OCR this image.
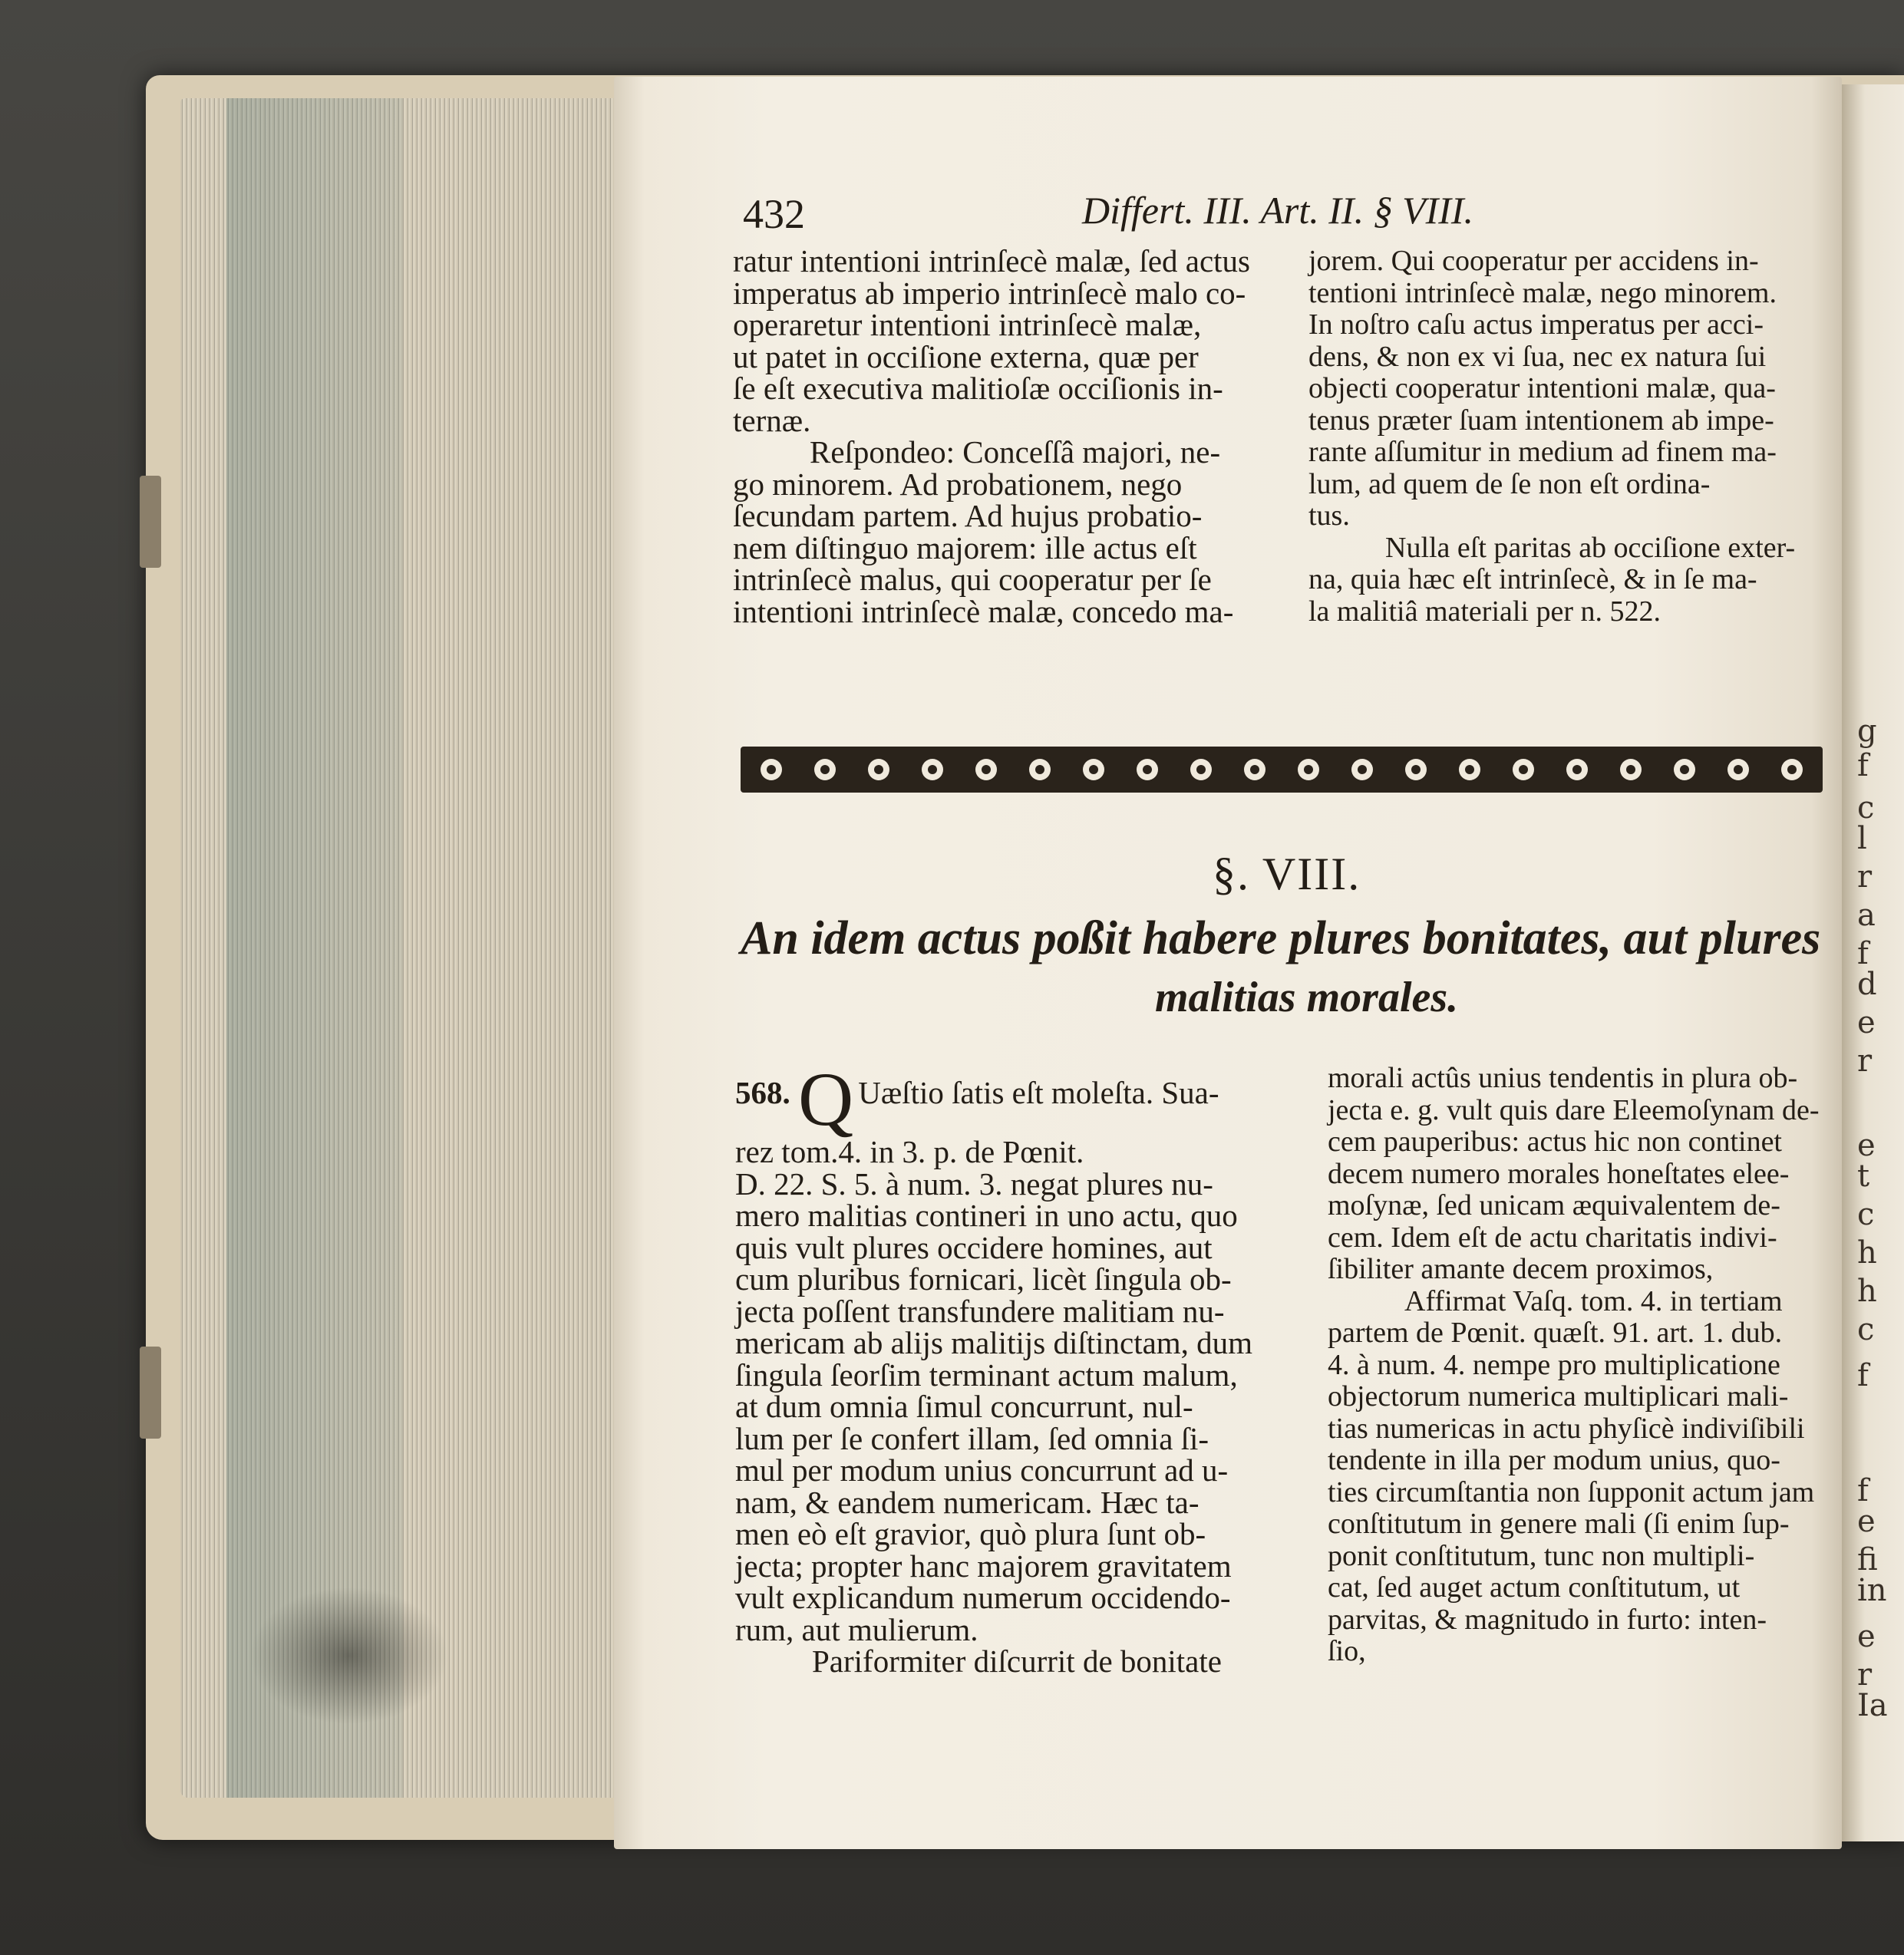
432	Differt. III. Art. II. § VIII.
ratur intentioni intrinſecè malæ, ſed actus
imperatus ab imperio intrinſecè malo co-
operaretur intentioni intrinſecè malæ,
ut patet in occiſione externa, quæ per
ſe eſt executiva malitioſæ occiſionis in-
ternæ.
Reſpondeo: Conceſſâ majori, ne-
go minorem. Ad probationem, nego
ſecundam partem. Ad hujus probatio-
nem diſtinguo majorem: ille actus eſt
intrinſecè malus, qui cooperatur per ſe
intentioni intrinſecè malæ, concedo ma-
jorem. Qui cooperatur per accidens in-
tentioni intrinſecè malæ, nego minorem.
In noſtro caſu actus imperatus per acci-
dens, & non ex vi ſua, nec ex natura ſui
objecti cooperatur intentioni malæ, qua-
tenus præter ſuam intentionem ab impe-
rante aſſumitur in medium ad finem ma-
lum, ad quem de ſe non eſt ordina-
tus.
Nulla eſt paritas ab occiſione exter-
na, quia hæc eſt intrinſecè, & in ſe ma-
la malitiâ materiali per n. 522.
§. VIII.
An idem actus poßit habere plures bonitates, aut plures
malitias morales.
568. Q Uæſtio ſatis eſt moleſta. Sua-
rez tom.4. in 3. p. de Pœnit.
D. 22. S. 5. à num. 3. negat plures nu-
mero malitias contineri in uno actu, quo
quis vult plures occidere homines, aut
cum pluribus fornicari, licèt ſingula ob-
jecta poſſent transfundere malitiam nu-
mericam ab alijs malitijs diſtinctam, dum
ſingula ſeorſim terminant actum malum,
at dum omnia ſimul concurrunt, nul-
lum per ſe confert illam, ſed omnia ſi-
mul per modum unius concurrunt ad u-
nam, & eandem numericam. Hæc ta-
men eò eſt gravior, quò plura ſunt ob-
jecta; propter hanc majorem gravitatem
vult explicandum numerum occidendo-
rum, aut mulierum.
Pariformiter diſcurrit de bonitate
morali actûs unius tendentis in plura ob-
jecta e. g. vult quis dare Eleemoſynam de-
cem pauperibus: actus hic non continet
decem numero morales honeſtates elee-
moſynæ, ſed unicam æquivalentem de-
cem. Idem eſt de actu charitatis indivi-
ſibiliter amante decem proximos,
Affirmat Vaſq. tom. 4. in tertiam
partem de Pœnit. quæſt. 91. art. 1. dub.
4. à num. 4. nempe pro multiplicatione
objectorum numerica multiplicari mali-
tias numericas in actu phyſicè indiviſibili
tendente in illa per modum unius, quo-
ties circumſtantia non ſupponit actum jam
conſtitutum in genere mali (ſi enim ſup-
ponit conſtitutum, tunc non multipli-
cat, ſed auget actum conſtitutum, ut
parvitas, & magnitudo in furto: inten-
ſio,
g
f
c
l
r
a
f
d
e
r
e
t
c
h
h
c
f
f
e
fi
in
e
r
Ia
